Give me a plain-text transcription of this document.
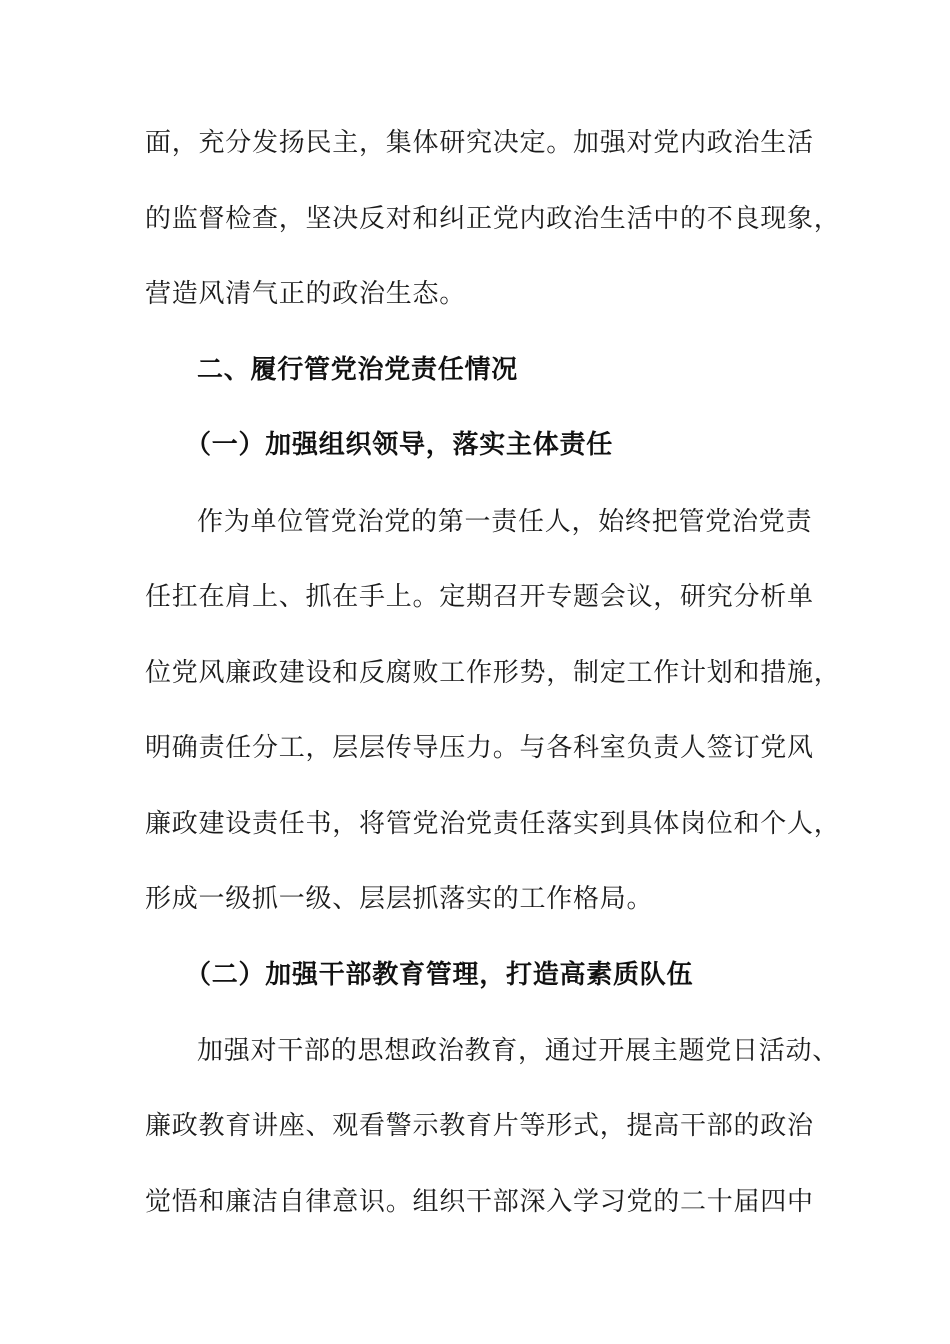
面，充分发扬民主，集体研究决定。加强对党内政治生活
的监督检查，坚决反对和纠正党内政治生活中的不良现象，
营造风清气正的政治生态。
二、履行管党治党责任情况
（一）加强组织领导，落实主体责任
作为单位管党治党的第一责任人，始终把管党治党责
任扛在肩上、抓在手上。定期召开专题会议，研究分析单
位党风廉政建设和反腐败工作形势，制定工作计划和措施，
明确责任分工，层层传导压力。与各科室负责人签订党风
廉政建设责任书，将管党治党责任落实到具体岗位和个人，
形成一级抓一级、层层抓落实的工作格局。
（二）加强干部教育管理，打造高素质队伍
加强对干部的思想政治教育，通过开展主题党日活动、
廉政教育讲座、观看警示教育片等形式，提高干部的政治
觉悟和廉洁自律意识。组织干部深入学习党的二十届四中
